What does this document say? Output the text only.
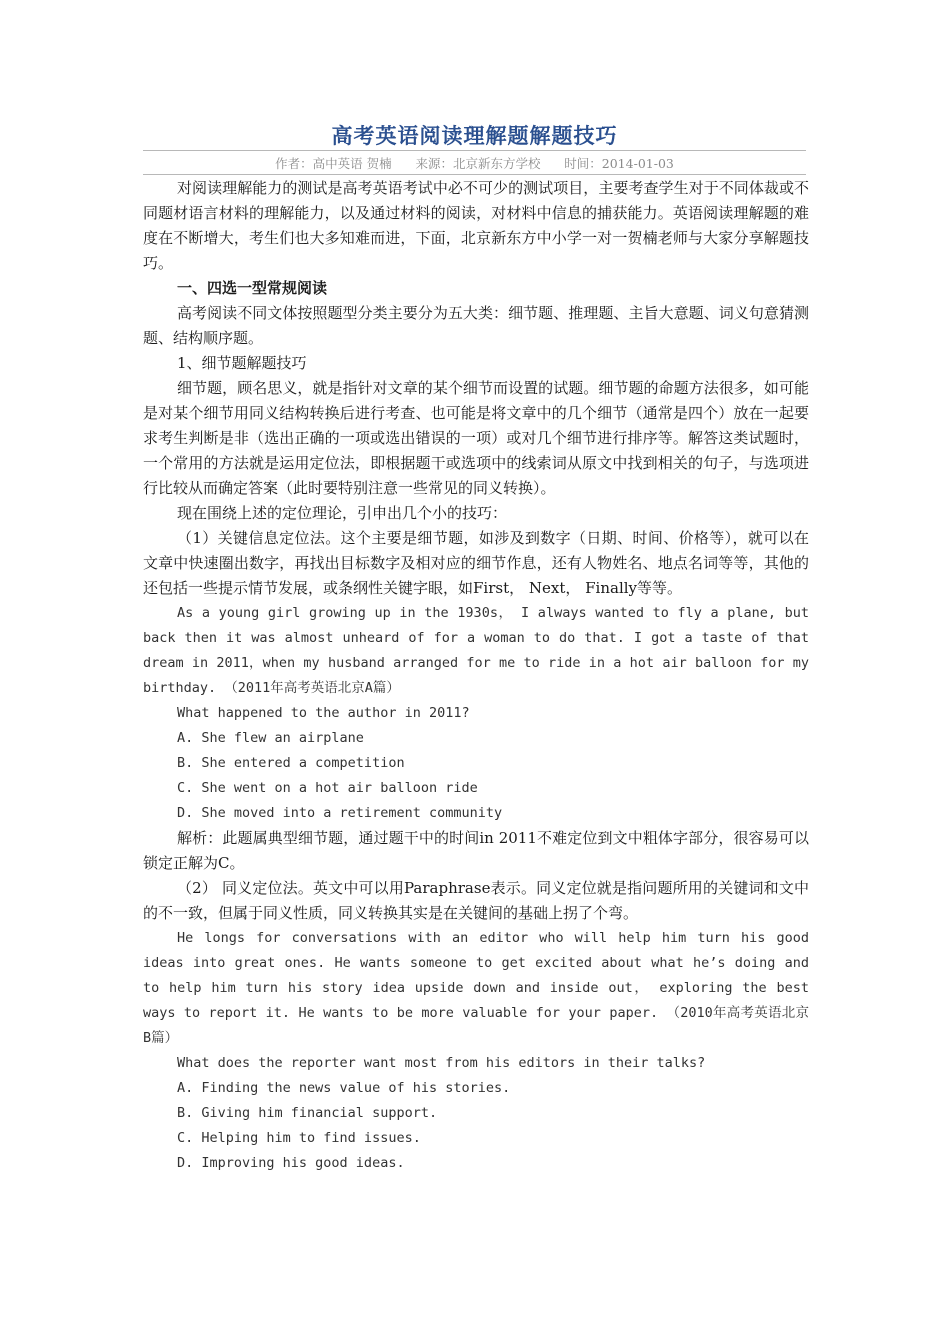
高考英语阅读理解题解题技巧
作者：高中英语 贺楠      来源：北京新东方学校      时间：2014-01-03

对阅读理解能力的测试是高考英语考试中必不可少的测试项目，主要考查学生对于不同体裁或不同题材语言材料的理解能力，以及通过材料的阅读，对材料中信息的捕获能力。英语阅读理解题的难度在不断增大，考生们也大多知难而进，下面，北京新东方中小学一对一贺楠老师与大家分享解题技巧。

一、四选一型常规阅读

高考阅读不同文体按照题型分类主要分为五大类：细节题、推理题、主旨大意题、词义句意猜测题、结构顺序题。

1、细节题解题技巧

细节题，顾名思义，就是指针对文章的某个细节而设置的试题。细节题的命题方法很多，如可能是对某个细节用同义结构转换后进行考查、也可能是将文章中的几个细节（通常是四个）放在一起要求考生判断是非（选出正确的一项或选出错误的一项）或对几个细节进行排序等。解答这类试题时，一个常用的方法就是运用定位法，即根据题干或选项中的线索词从原文中找到相关的句子，与选项进行比较从而确定答案（此时要特别注意一些常见的同义转换）。

现在围绕上述的定位理论，引申出几个小的技巧：

（1）关键信息定位法。这个主要是细节题，如涉及到数字（日期、时间、价格等），就可以在文章中快速圈出数字，再找出目标数字及相对应的细节作息，还有人物姓名、地点名词等等，其他的还包括一些提示情节发展，或条纲性关键字眼，如First， Next， Finally等等。

As a young girl growing up in the 1930s， I always wanted to fly a plane, but back then it was almost unheard of for a woman to do that. I got a taste of that dream in 2011，when my husband arranged for me to ride in a hot air balloon for my birthday. （2011年高考英语北京A篇）

What happened to the author in 2011?

A. She flew an airplane

B. She entered a competition

C. She went on a hot air balloon ride

D. She moved into a retirement community

解析：此题属典型细节题，通过题干中的时间in 2011不难定位到文中粗体字部分，很容易可以锁定正解为C。

（2） 同义定位法。英文中可以用Paraphrase表示。同义定位就是指问题所用的关键词和文中的不一致，但属于同义性质，同义转换其实是在关键间的基础上拐了个弯。

He longs for conversations with an editor who will help him turn his good ideas into great ones. He wants someone to get excited about what he’s doing and to help him turn his story idea upside down and inside out， exploring the best ways to report it. He wants to be more valuable for your paper. （2010年高考英语北京B篇）

What does the reporter want most from his editors in their talks?

A. Finding the news value of his stories.

B. Giving him financial support.

C. Helping him to find issues.

D. Improving his good ideas.
